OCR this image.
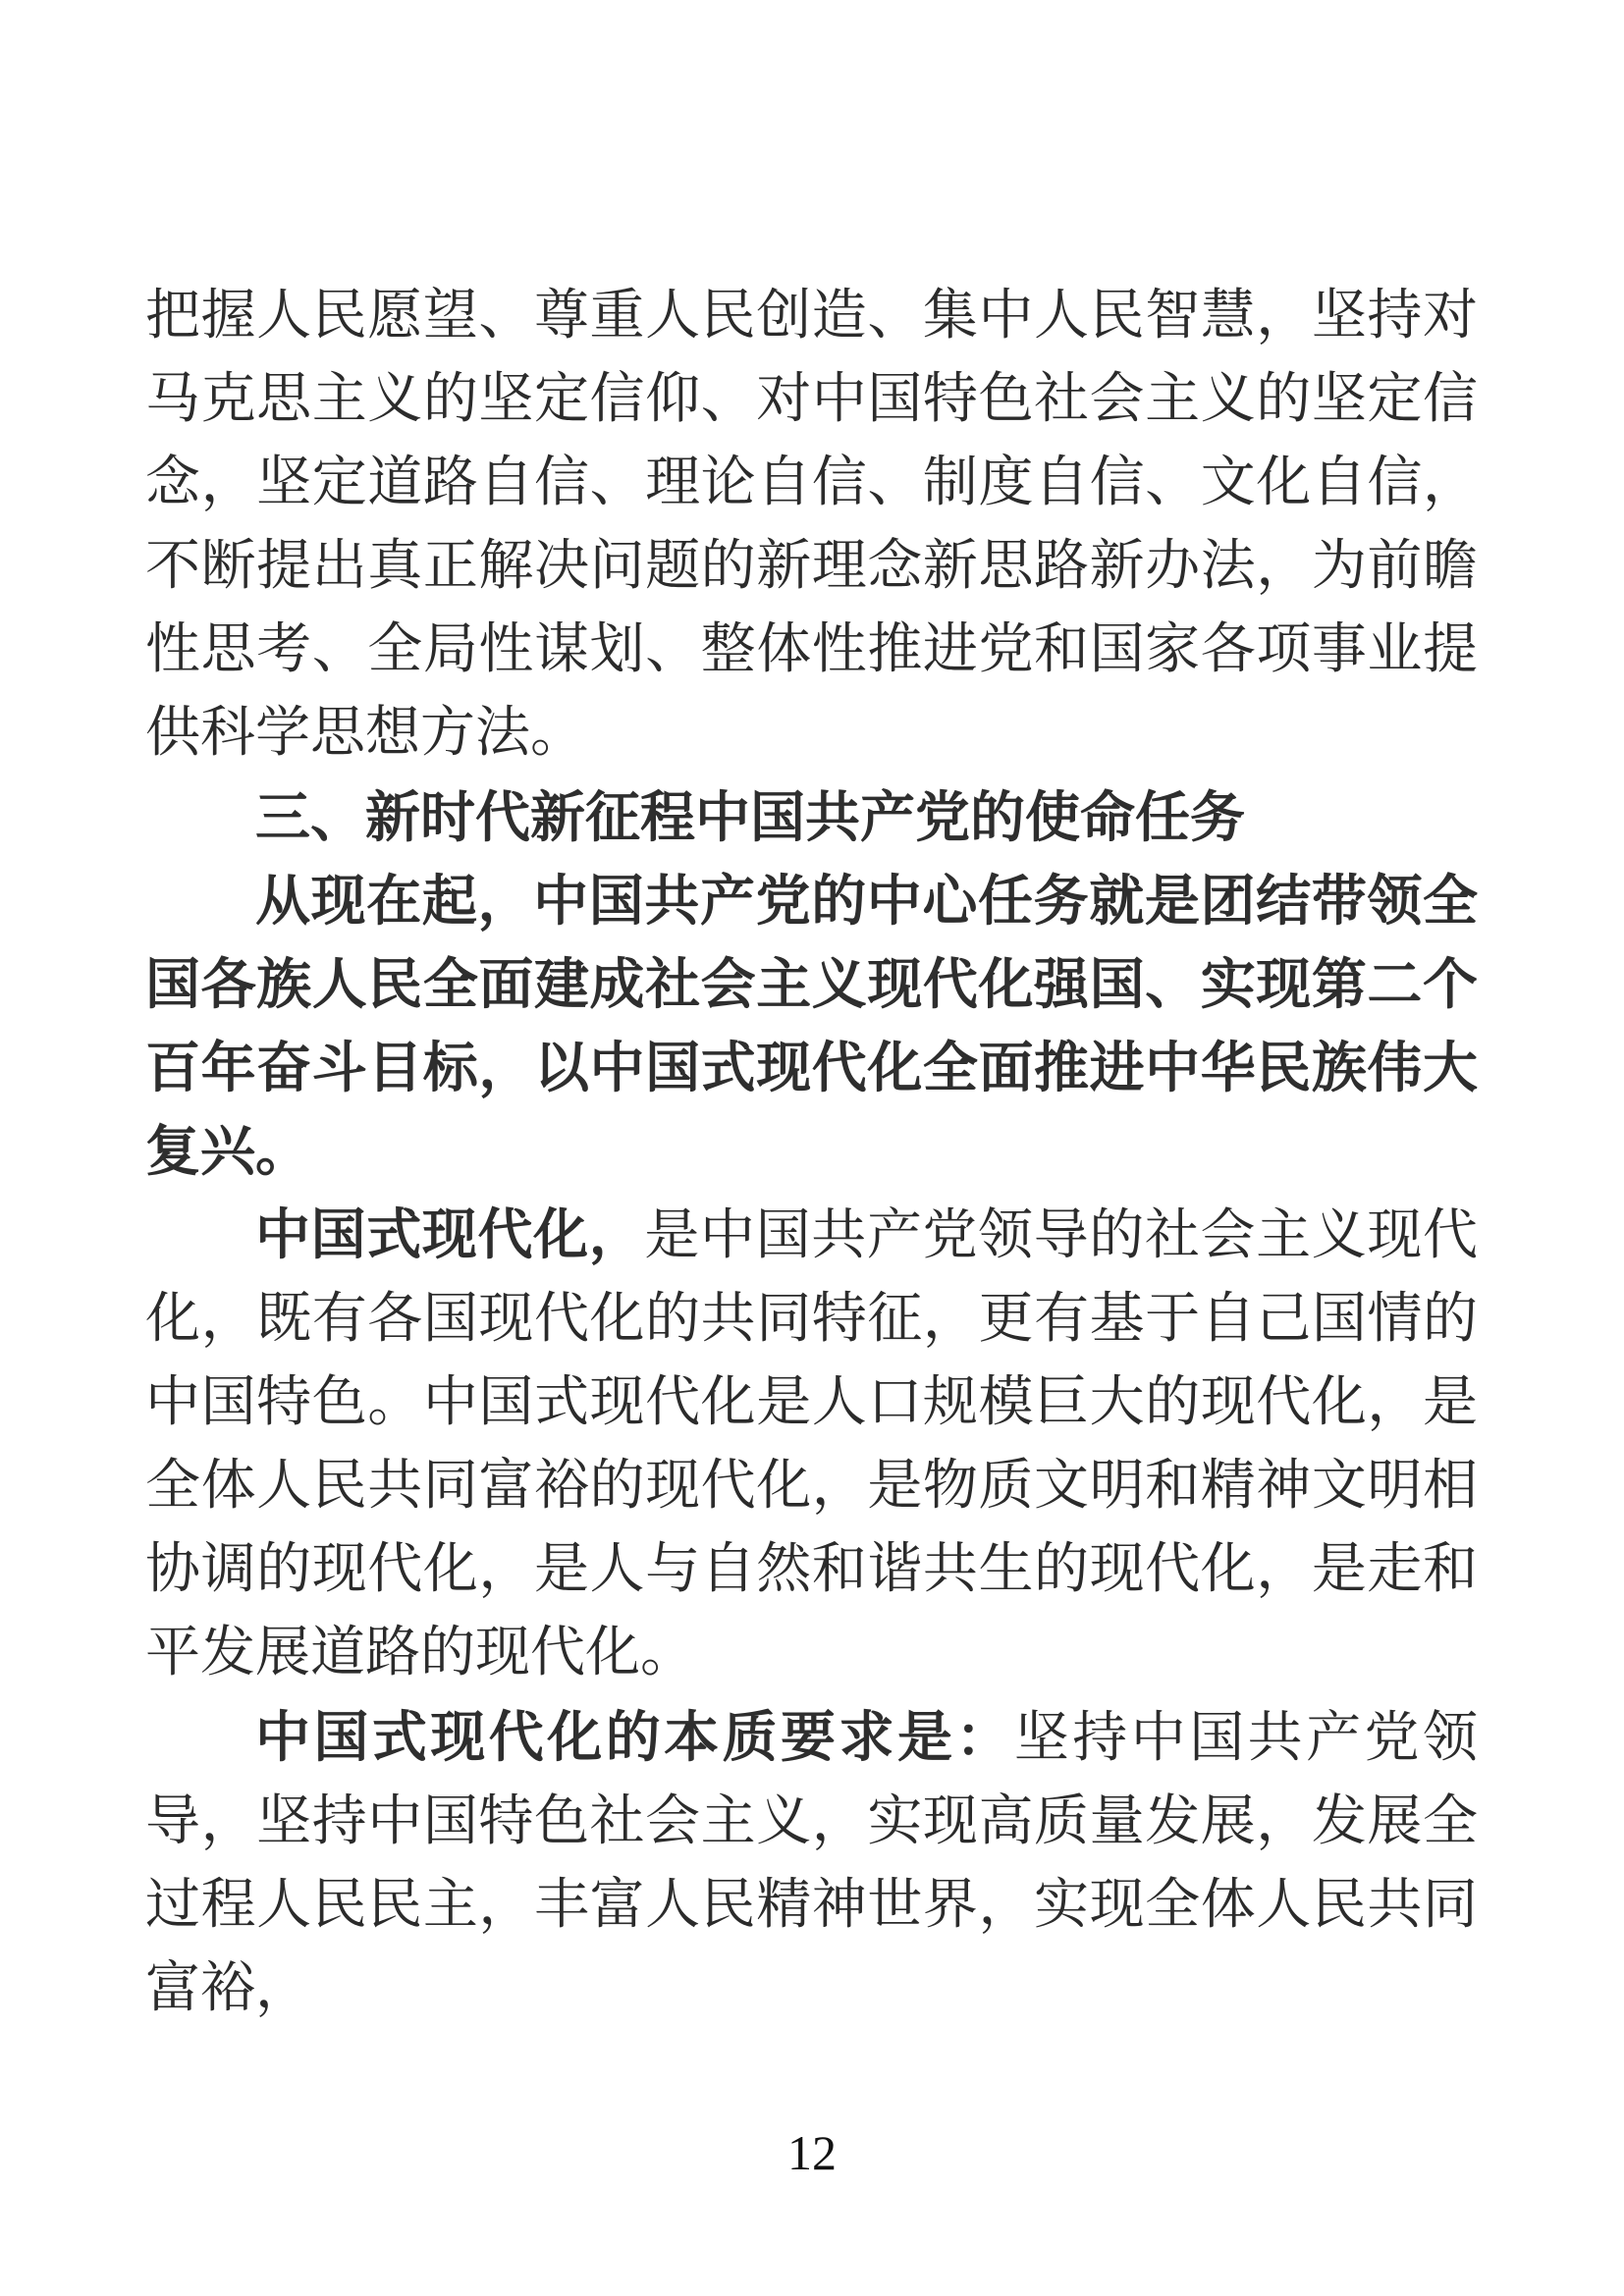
把握人民愿望、尊重人民创造、集中人民智慧，坚持对马克思主义的坚定信仰、对中国特色社会主义的坚定信念，坚定道路自信、理论自信、制度自信、文化自信，不断提出真正解决问题的新理念新思路新办法，为前瞻性思考、全局性谋划、整体性推进党和国家各项事业提供科学思想方法。

三、新时代新征程中国共产党的使命任务

从现在起，中国共产党的中心任务就是团结带领全国各族人民全面建成社会主义现代化强国、实现第二个百年奋斗目标，以中国式现代化全面推进中华民族伟大复兴。

中国式现代化，是中国共产党领导的社会主义现代化，既有各国现代化的共同特征，更有基于自己国情的中国特色。中国式现代化是人口规模巨大的现代化，是全体人民共同富裕的现代化，是物质文明和精神文明相协调的现代化，是人与自然和谐共生的现代化，是走和平发展道路的现代化。

中国式现代化的本质要求是：坚持中国共产党领导，坚持中国特色社会主义，实现高质量发展，发展全过程人民民主，丰富人民精神世界，实现全体人民共同富裕，

12
